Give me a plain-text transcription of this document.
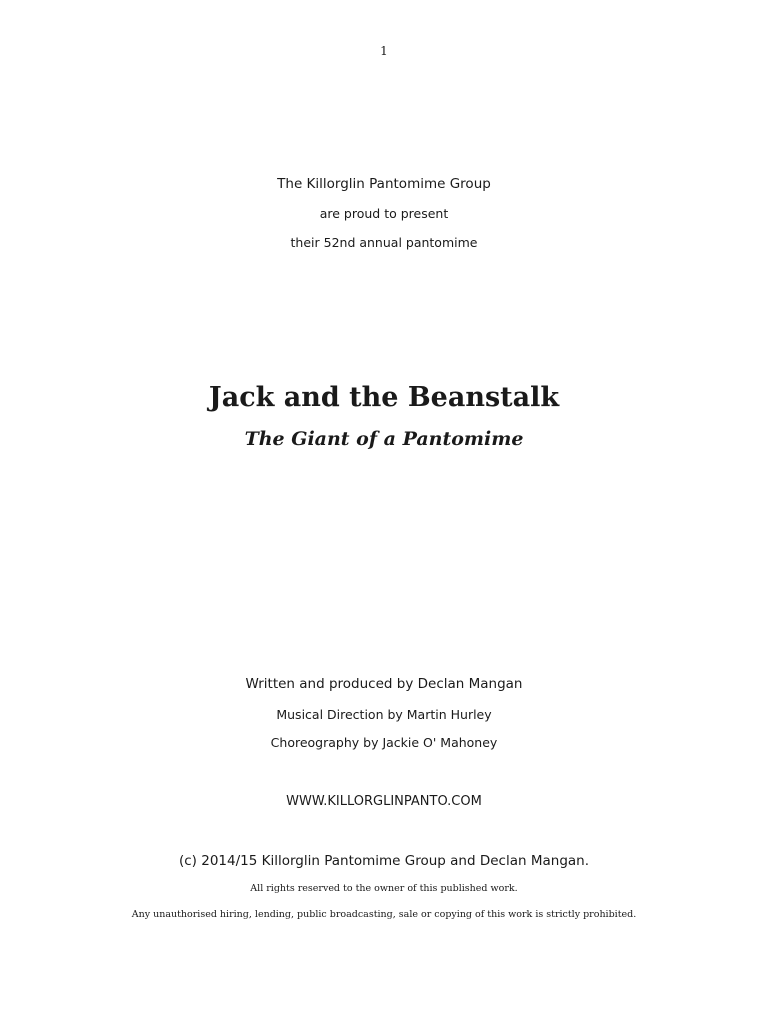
1
The Killorglin Pantomime Group
are proud to present
their 52nd annual pantomime
Jack and the Beanstalk
The Giant of a Pantomime
Written and produced by Declan Mangan
Musical Direction by Martin Hurley
Choreography by Jackie O' Mahoney
WWW.KILLORGLINPANTO.COM
(c) 2014/15 Killorglin Pantomime Group and Declan Mangan.
All rights reserved to the owner of this published work.
Any unauthorised hiring, lending, public broadcasting, sale or copying of this work is strictly prohibited.
